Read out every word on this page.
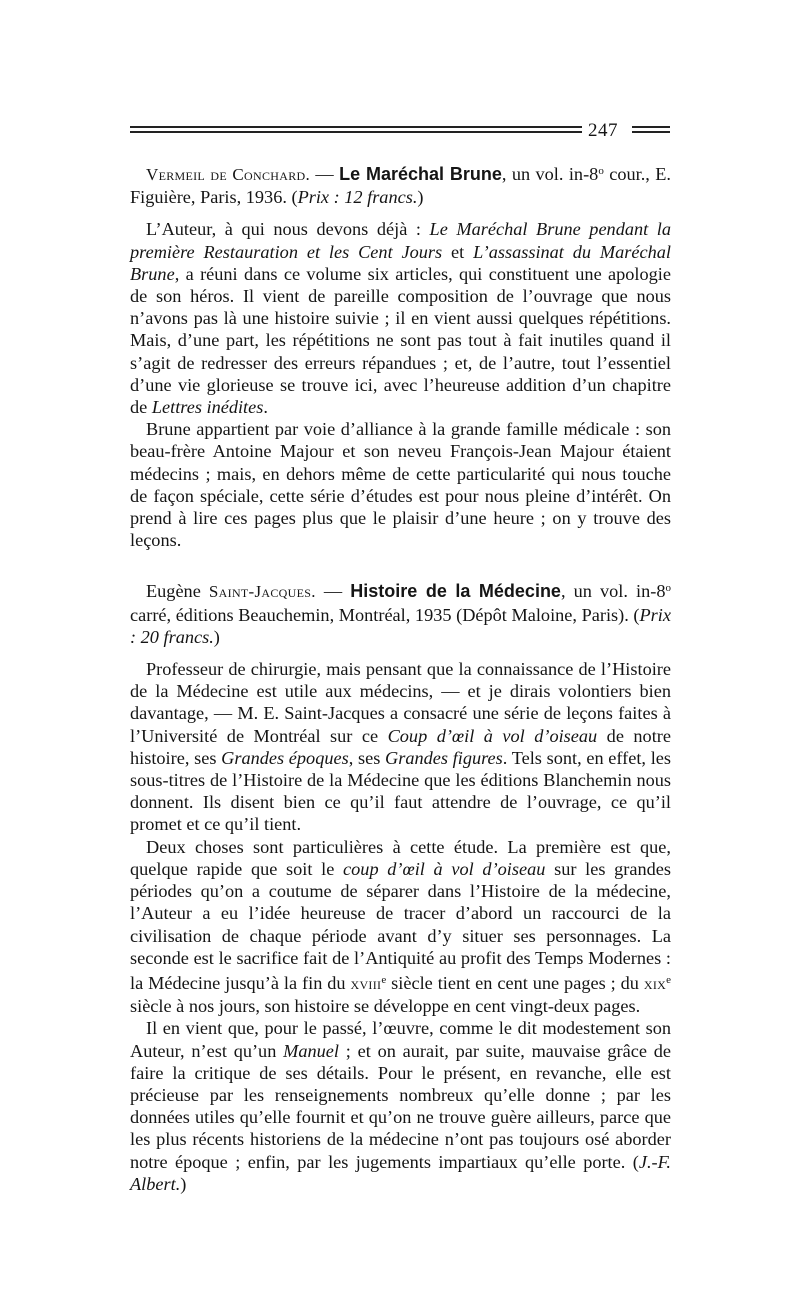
247

Vermeil de Conchard. — Le Maréchal Brune, un vol. in-8$^o$ cour., E. Figuière, Paris, 1936. (Prix : 12 francs.)

L’Auteur, à qui nous devons déjà : Le Maréchal Brune pendant la première Restauration et les Cent Jours et L’assassinat du Maréchal Brune, a réuni dans ce volume six articles, qui constituent une apologie de son héros. Il vient de pareille composition de l’ouvrage que nous n’avons pas là une histoire suivie ; il en vient aussi quelques répétitions. Mais, d’une part, les répétitions ne sont pas tout à fait inutiles quand il s’agit de redresser des erreurs répandues ; et, de l’autre, tout l’essentiel d’une vie glorieuse se trouve ici, avec l’heureuse addition d’un chapitre de Lettres inédites.

Brune appartient par voie d’alliance à la grande famille médicale : son beau-frère Antoine Majour et son neveu François-Jean Majour étaient médecins ; mais, en dehors même de cette particularité qui nous touche de façon spéciale, cette série d’études est pour nous pleine d’intérêt. On prend à lire ces pages plus que le plaisir d’une heure ; on y trouve des leçons.

Eugène Saint-Jacques. — Histoire de la Médecine, un vol. in-8$^o$ carré, éditions Beauchemin, Montréal, 1935 (Dépôt Maloine, Paris). (Prix : 20 francs.)

Professeur de chirurgie, mais pensant que la connaissance de l’Histoire de la Médecine est utile aux médecins, — et je dirais volontiers bien davantage, — M. E. Saint-Jacques a consacré une série de leçons faites à l’Université de Montréal sur ce Coup d’œil à vol d’oiseau de notre histoire, ses Grandes époques, ses Grandes figures. Tels sont, en effet, les sous-titres de l’Histoire de la Médecine que les éditions Blanchemin nous donnent. Ils disent bien ce qu’il faut attendre de l’ouvrage, ce qu’il promet et ce qu’il tient.

Deux choses sont particulières à cette étude. La première est que, quelque rapide que soit le coup d’œil à vol d’oiseau sur les grandes périodes qu’on a coutume de séparer dans l’Histoire de la médecine, l’Auteur a eu l’idée heureuse de tracer d’abord un raccourci de la civilisation de chaque période avant d’y situer ses personnages. La seconde est le sacrifice fait de l’Antiquité au profit des Temps Modernes : la Médecine jusqu’à la fin du xviii$^e$ siècle tient en cent une pages ; du xix$^e$ siècle à nos jours, son histoire se développe en cent vingt-deux pages.

Il en vient que, pour le passé, l’œuvre, comme le dit modestement son Auteur, n’est qu’un Manuel ; et on aurait, par suite, mauvaise grâce de faire la critique de ses détails. Pour le présent, en revanche, elle est précieuse par les renseignements nombreux qu’elle donne ; par les données utiles qu’elle fournit et qu’on ne trouve guère ailleurs, parce que les plus récents historiens de la médecine n’ont pas toujours osé aborder notre époque ; enfin, par les jugements impartiaux qu’elle porte. (J.-F. Albert.)
